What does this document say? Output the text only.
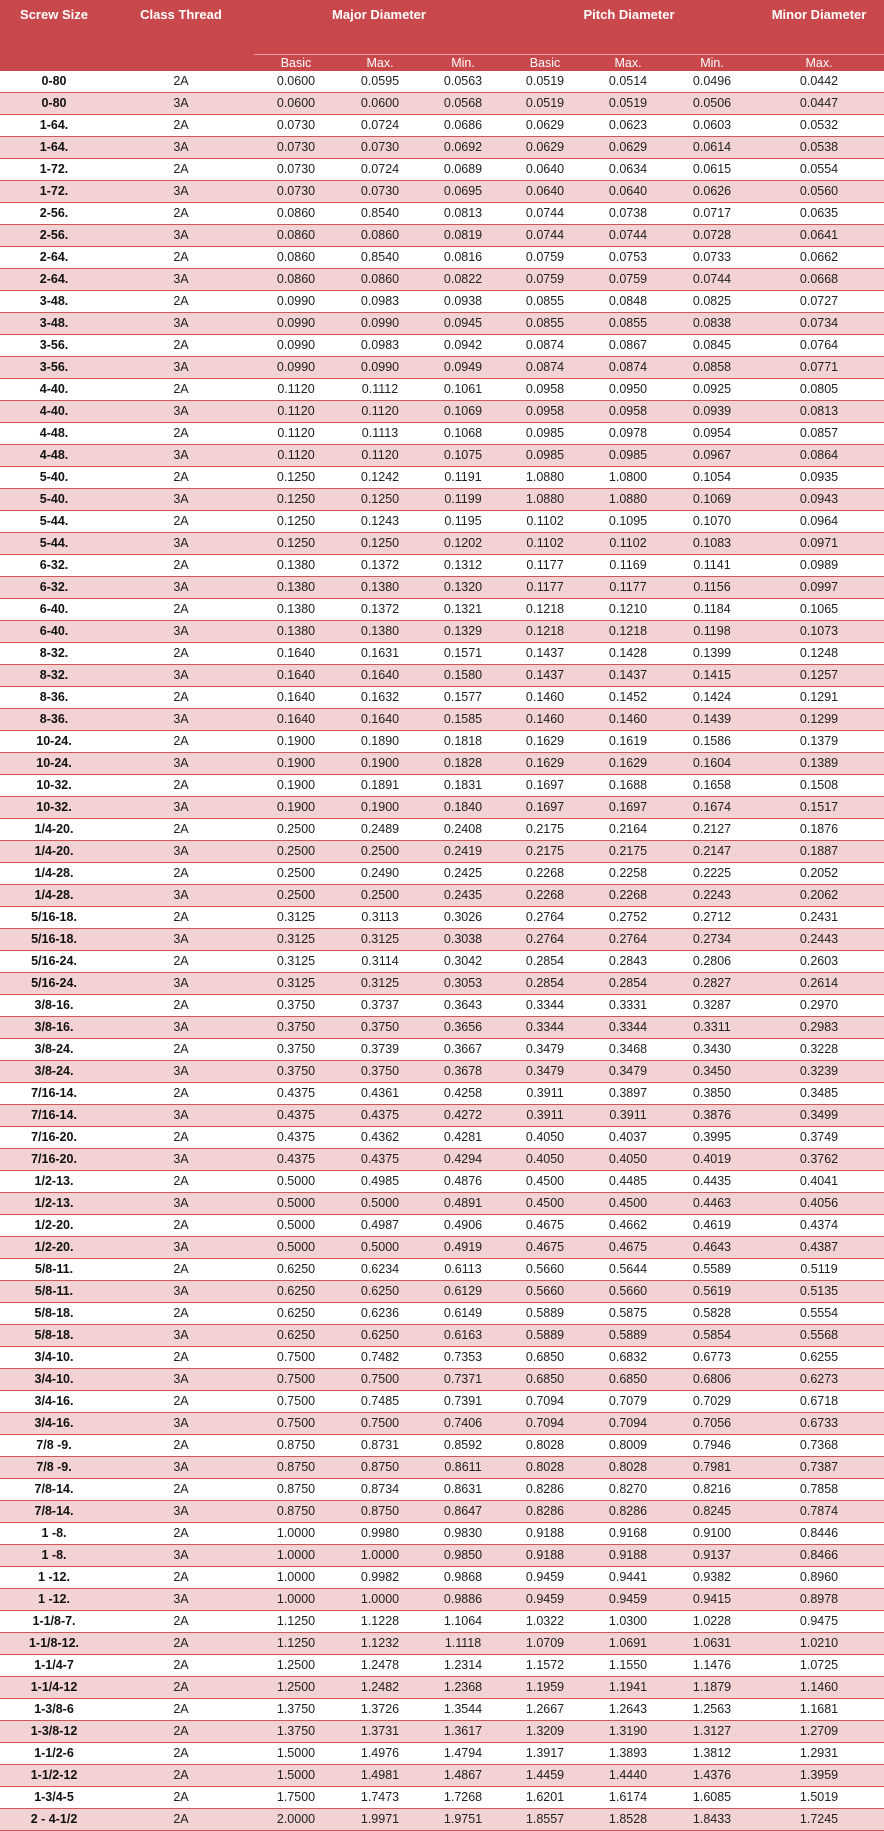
Screw Size	Class Thread	Major Diameter			Pitch Diameter			Minor Diameter
		Basic	Max.	Min.	Basic	Max.	Min.	Max.
0-80	2A	0.0600	0.0595	0.0563	0.0519	0.0514	0.0496	0.0442
0-80	3A	0.0600	0.0600	0.0568	0.0519	0.0519	0.0506	0.0447
1-64.	2A	0.0730	0.0724	0.0686	0.0629	0.0623	0.0603	0.0532
1-64.	3A	0.0730	0.0730	0.0692	0.0629	0.0629	0.0614	0.0538
1-72.	2A	0.0730	0.0724	0.0689	0.0640	0.0634	0.0615	0.0554
1-72.	3A	0.0730	0.0730	0.0695	0.0640	0.0640	0.0626	0.0560
2-56.	2A	0.0860	0.8540	0.0813	0.0744	0.0738	0.0717	0.0635
2-56.	3A	0.0860	0.0860	0.0819	0.0744	0.0744	0.0728	0.0641
2-64.	2A	0.0860	0.8540	0.0816	0.0759	0.0753	0.0733	0.0662
2-64.	3A	0.0860	0.0860	0.0822	0.0759	0.0759	0.0744	0.0668
3-48.	2A	0.0990	0.0983	0.0938	0.0855	0.0848	0.0825	0.0727
3-48.	3A	0.0990	0.0990	0.0945	0.0855	0.0855	0.0838	0.0734
3-56.	2A	0.0990	0.0983	0.0942	0.0874	0.0867	0.0845	0.0764
3-56.	3A	0.0990	0.0990	0.0949	0.0874	0.0874	0.0858	0.0771
4-40.	2A	0.1120	0.1112	0.1061	0.0958	0.0950	0.0925	0.0805
4-40.	3A	0.1120	0.1120	0.1069	0.0958	0.0958	0.0939	0.0813
4-48.	2A	0.1120	0.1113	0.1068	0.0985	0.0978	0.0954	0.0857
4-48.	3A	0.1120	0.1120	0.1075	0.0985	0.0985	0.0967	0.0864
5-40.	2A	0.1250	0.1242	0.1191	1.0880	1.0800	0.1054	0.0935
5-40.	3A	0.1250	0.1250	0.1199	1.0880	1.0880	0.1069	0.0943
5-44.	2A	0.1250	0.1243	0.1195	0.1102	0.1095	0.1070	0.0964
5-44.	3A	0.1250	0.1250	0.1202	0.1102	0.1102	0.1083	0.0971
6-32.	2A	0.1380	0.1372	0.1312	0.1177	0.1169	0.1141	0.0989
6-32.	3A	0.1380	0.1380	0.1320	0.1177	0.1177	0.1156	0.0997
6-40.	2A	0.1380	0.1372	0.1321	0.1218	0.1210	0.1184	0.1065
6-40.	3A	0.1380	0.1380	0.1329	0.1218	0.1218	0.1198	0.1073
8-32.	2A	0.1640	0.1631	0.1571	0.1437	0.1428	0.1399	0.1248
8-32.	3A	0.1640	0.1640	0.1580	0.1437	0.1437	0.1415	0.1257
8-36.	2A	0.1640	0.1632	0.1577	0.1460	0.1452	0.1424	0.1291
8-36.	3A	0.1640	0.1640	0.1585	0.1460	0.1460	0.1439	0.1299
10-24.	2A	0.1900	0.1890	0.1818	0.1629	0.1619	0.1586	0.1379
10-24.	3A	0.1900	0.1900	0.1828	0.1629	0.1629	0.1604	0.1389
10-32.	2A	0.1900	0.1891	0.1831	0.1697	0.1688	0.1658	0.1508
10-32.	3A	0.1900	0.1900	0.1840	0.1697	0.1697	0.1674	0.1517
1/4-20.	2A	0.2500	0.2489	0.2408	0.2175	0.2164	0.2127	0.1876
1/4-20.	3A	0.2500	0.2500	0.2419	0.2175	0.2175	0.2147	0.1887
1/4-28.	2A	0.2500	0.2490	0.2425	0.2268	0.2258	0.2225	0.2052
1/4-28.	3A	0.2500	0.2500	0.2435	0.2268	0.2268	0.2243	0.2062
5/16-18.	2A	0.3125	0.3113	0.3026	0.2764	0.2752	0.2712	0.2431
5/16-18.	3A	0.3125	0.3125	0.3038	0.2764	0.2764	0.2734	0.2443
5/16-24.	2A	0.3125	0.3114	0.3042	0.2854	0.2843	0.2806	0.2603
5/16-24.	3A	0.3125	0.3125	0.3053	0.2854	0.2854	0.2827	0.2614
3/8-16.	2A	0.3750	0.3737	0.3643	0.3344	0.3331	0.3287	0.2970
3/8-16.	3A	0.3750	0.3750	0.3656	0.3344	0.3344	0.3311	0.2983
3/8-24.	2A	0.3750	0.3739	0.3667	0.3479	0.3468	0.3430	0.3228
3/8-24.	3A	0.3750	0.3750	0.3678	0.3479	0.3479	0.3450	0.3239
7/16-14.	2A	0.4375	0.4361	0.4258	0.3911	0.3897	0.3850	0.3485
7/16-14.	3A	0.4375	0.4375	0.4272	0.3911	0.3911	0.3876	0.3499
7/16-20.	2A	0.4375	0.4362	0.4281	0.4050	0.4037	0.3995	0.3749
7/16-20.	3A	0.4375	0.4375	0.4294	0.4050	0.4050	0.4019	0.3762
1/2-13.	2A	0.5000	0.4985	0.4876	0.4500	0.4485	0.4435	0.4041
1/2-13.	3A	0.5000	0.5000	0.4891	0.4500	0.4500	0.4463	0.4056
1/2-20.	2A	0.5000	0.4987	0.4906	0.4675	0.4662	0.4619	0.4374
1/2-20.	3A	0.5000	0.5000	0.4919	0.4675	0.4675	0.4643	0.4387
5/8-11.	2A	0.6250	0.6234	0.6113	0.5660	0.5644	0.5589	0.5119
5/8-11.	3A	0.6250	0.6250	0.6129	0.5660	0.5660	0.5619	0.5135
5/8-18.	2A	0.6250	0.6236	0.6149	0.5889	0.5875	0.5828	0.5554
5/8-18.	3A	0.6250	0.6250	0.6163	0.5889	0.5889	0.5854	0.5568
3/4-10.	2A	0.7500	0.7482	0.7353	0.6850	0.6832	0.6773	0.6255
3/4-10.	3A	0.7500	0.7500	0.7371	0.6850	0.6850	0.6806	0.6273
3/4-16.	2A	0.7500	0.7485	0.7391	0.7094	0.7079	0.7029	0.6718
3/4-16.	3A	0.7500	0.7500	0.7406	0.7094	0.7094	0.7056	0.6733
7/8 -9.	2A	0.8750	0.8731	0.8592	0.8028	0.8009	0.7946	0.7368
7/8 -9.	3A	0.8750	0.8750	0.8611	0.8028	0.8028	0.7981	0.7387
7/8-14.	2A	0.8750	0.8734	0.8631	0.8286	0.8270	0.8216	0.7858
7/8-14.	3A	0.8750	0.8750	0.8647	0.8286	0.8286	0.8245	0.7874
1 -8.	2A	1.0000	0.9980	0.9830	0.9188	0.9168	0.9100	0.8446
1 -8.	3A	1.0000	1.0000	0.9850	0.9188	0.9188	0.9137	0.8466
1 -12.	2A	1.0000	0.9982	0.9868	0.9459	0.9441	0.9382	0.8960
1 -12.	3A	1.0000	1.0000	0.9886	0.9459	0.9459	0.9415	0.8978
1-1/8-7.	2A	1.1250	1.1228	1.1064	1.0322	1.0300	1.0228	0.9475
1-1/8-12.	2A	1.1250	1.1232	1.1118	1.0709	1.0691	1.0631	1.0210
1-1/4-7	2A	1.2500	1.2478	1.2314	1.1572	1.1550	1.1476	1.0725
1-1/4-12	2A	1.2500	1.2482	1.2368	1.1959	1.1941	1.1879	1.1460
1-3/8-6	2A	1.3750	1.3726	1.3544	1.2667	1.2643	1.2563	1.1681
1-3/8-12	2A	1.3750	1.3731	1.3617	1.3209	1.3190	1.3127	1.2709
1-1/2-6	2A	1.5000	1.4976	1.4794	1.3917	1.3893	1.3812	1.2931
1-1/2-12	2A	1.5000	1.4981	1.4867	1.4459	1.4440	1.4376	1.3959
1-3/4-5	2A	1.7500	1.7473	1.7268	1.6201	1.6174	1.6085	1.5019
2 - 4-1/2	2A	2.0000	1.9971	1.9751	1.8557	1.8528	1.8433	1.7245
